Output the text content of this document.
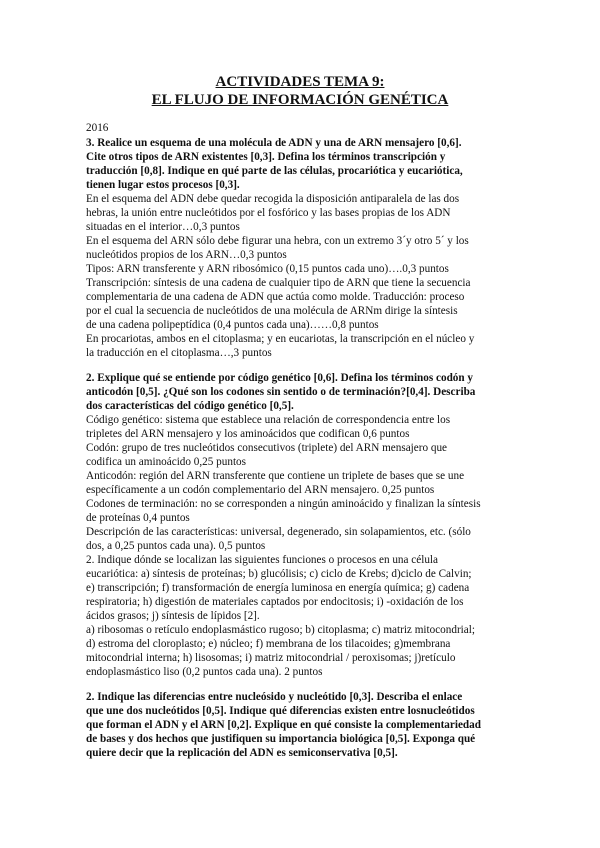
ACTIVIDADES TEMA 9:
EL FLUJO DE INFORMACIÓN GENÉTICA
2016
3. Realice un esquema de una molécula de ADN y una de ARN mensajero [0,6].
Cite otros tipos de ARN existentes [0,3]. Defina los términos transcripción y
traducción [0,8]. Indique en qué parte de las células, procariótica y eucariótica,
tienen lugar estos procesos [0,3].
En el esquema del ADN debe quedar recogida la disposición antiparalela de las dos
hebras, la unión entre nucleótidos por el fosfórico y las bases propias de los ADN
situadas en el interior…0,3 puntos
En el esquema del ARN sólo debe figurar una hebra, con un extremo 3´y otro 5´ y los
nucleótidos propios de los ARN…0,3 puntos
Tipos: ARN transferente y ARN ribosómico (0,15 puntos cada uno)….0,3 puntos
Transcripción: síntesis de una cadena de cualquier tipo de ARN que tiene la secuencia
complementaria de una cadena de ADN que actúa como molde. Traducción: proceso
por el cual la secuencia de nucleótidos de una molécula de ARNm dirige la síntesis
de una cadena polipeptídica (0,4 puntos cada una)……0,8 puntos
En procariotas, ambos en el citoplasma; y en eucariotas, la transcripción en el núcleo y
la traducción en el citoplasma…,3 puntos
2. Explique qué se entiende por código genético [0,6]. Defina los términos codón y
anticodón [0,5]. ¿Qué son los codones sin sentido o de terminación?[0,4]. Describa
dos características del código genético [0,5].
Código genético: sistema que establece una relación de correspondencia entre los
tripletes del ARN mensajero y los aminoácidos que codifican 0,6 puntos
Codón: grupo de tres nucleótidos consecutivos (triplete) del ARN mensajero que
codifica un aminoácido 0,25 puntos
Anticodón: región del ARN transferente que contiene un triplete de bases que se une
específicamente a un codón complementario del ARN mensajero. 0,25 puntos
Codones de terminación: no se corresponden a ningún aminoácido y finalizan la síntesis
de proteínas 0,4 puntos
Descripción de las características: universal, degenerado, sin solapamientos, etc. (sólo
dos, a 0,25 puntos cada una). 0,5 puntos
2. Indique dónde se localizan las siguientes funciones o procesos en una célula
eucariótica: a) síntesis de proteínas; b) glucólisis; c) ciclo de Krebs; d)ciclo de Calvin;
e) transcripción; f) transformación de energía luminosa en energía química; g) cadena
respiratoria; h) digestión de materiales captados por endocitosis; i) -oxidación de los
ácidos grasos; j) síntesis de lípidos [2].
a) ribosomas o retículo endoplasmástico rugoso; b) citoplasma; c) matriz mitocondrial;
d) estroma del cloroplasto; e) núcleo; f) membrana de los tilacoides; g)membrana
mitocondrial interna; h) lisosomas; i) matriz mitocondrial / peroxisomas; j)retículo
endoplasmástico liso (0,2 puntos cada una). 2 puntos
2. Indique las diferencias entre nucleósido y nucleótido [0,3]. Describa el enlace
que une dos nucleótidos [0,5]. Indique qué diferencias existen entre losnucleótidos
que forman el ADN y el ARN [0,2]. Explique en qué consiste la complementariedad
de bases y dos hechos que justifiquen su importancia biológica [0,5]. Exponga qué
quiere decir que la replicación del ADN es semiconservativa [0,5].
